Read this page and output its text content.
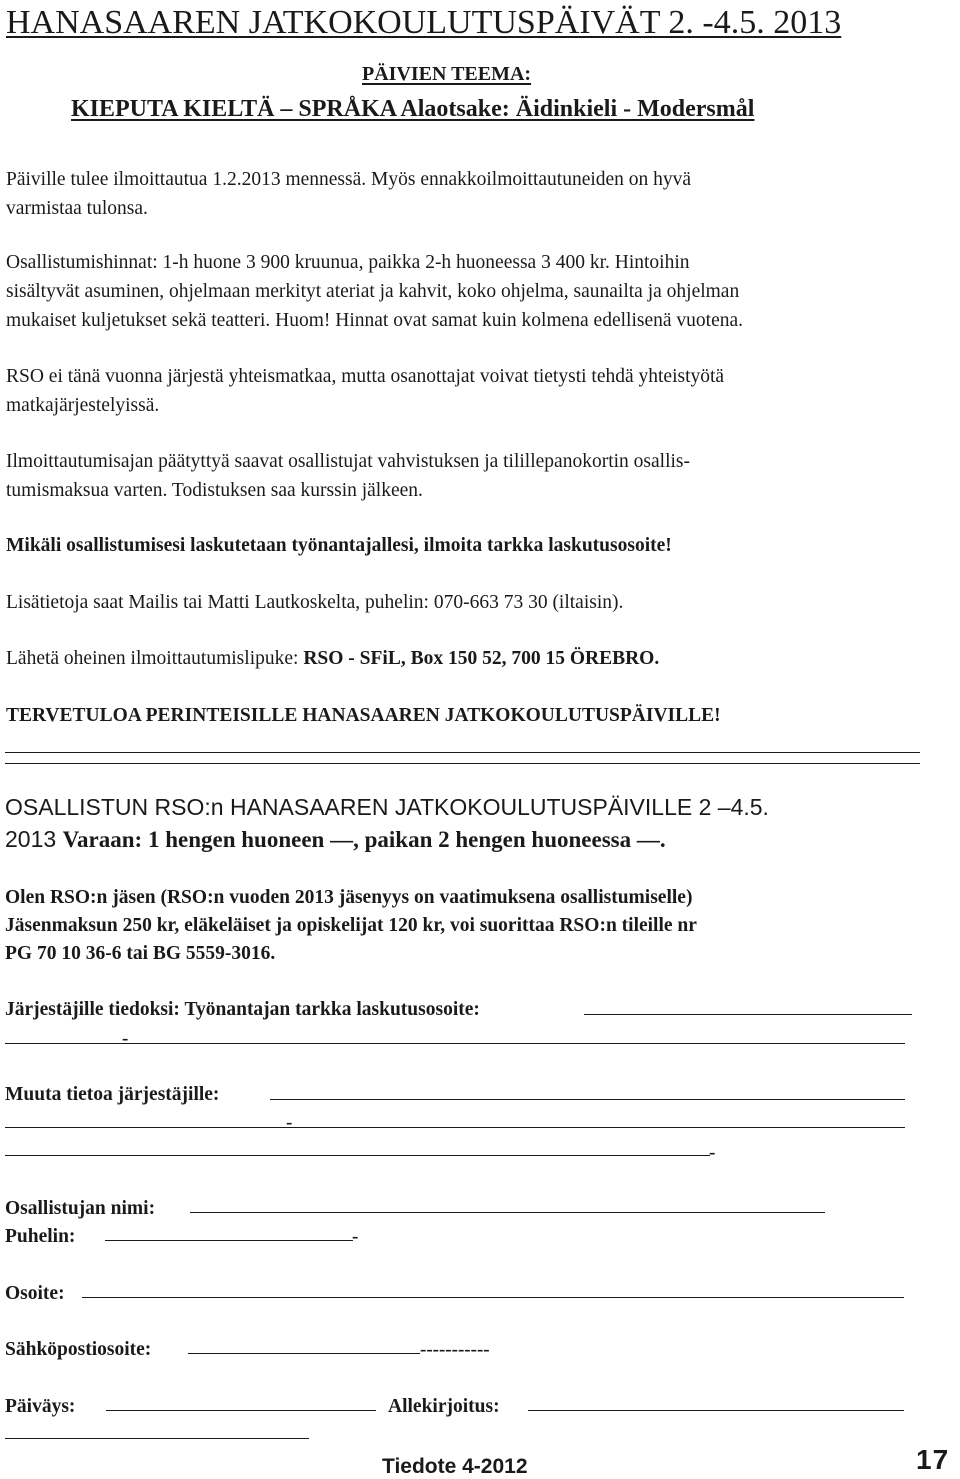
HANASAAREN JATKOKOULUTUSPÄIVÄT 2. -4.5. 2013
PÄIVIEN TEEMA:
KIEPUTA KIELTÄ – SPRÅKA Alaotsake: Äidinkieli - Modersmål
Päiville tulee ilmoittautua 1.2.2013 mennessä. Myös ennakkoilmoittautuneiden on hyvä
varmistaa tulonsa.
Osallistumishinnat: 1-h huone 3 900 kruunua, paikka 2-h huoneessa 3 400 kr. Hintoihin
sisältyvät asuminen, ohjelmaan merkityt ateriat ja kahvit, koko ohjelma, saunailta ja ohjelman
mukaiset kuljetukset sekä teatteri. Huom! Hinnat ovat samat kuin kolmena edellisenä vuotena.
RSO ei tänä vuonna järjestä yhteismatkaa, mutta osanottajat voivat tietysti tehdä yhteistyötä
matkajärjestelyissä.
Ilmoittautumisajan päätyttyä saavat osallistujat vahvistuksen ja tilillepanokortin osallis-
tumismaksua varten. Todistuksen saa kurssin jälkeen.
Mikäli osallistumisesi laskutetaan työnantajallesi, ilmoita tarkka laskutusosoite!
Lisätietoja saat Mailis tai Matti Lautkoskelta, puhelin: 070-663 73 30 (iltaisin).
Lähetä oheinen ilmoittautumislipuke: RSO - SFiL, Box 150 52, 700 15 ÖREBRO.
TERVETULOA PERINTEISILLE HANASAAREN JATKOKOULUTUSPÄIVILLE!
OSALLISTUN RSO:n HANASAAREN JATKOKOULUTUSPÄIVILLE 2 –4.5.
2013 Varaan: 1 hengen huoneen —, paikan 2 hengen huoneessa —.
Olen RSO:n jäsen (RSO:n vuoden 2013 jäsenyys on vaatimuksena osallistumiselle)
Jäsenmaksun 250 kr, eläkeläiset ja opiskelijat 120 kr, voi suorittaa RSO:n tileille nr
PG 70 10 36-6 tai BG 5559-3016.
Järjestäjille tiedoksi: Työnantajan tarkka laskutusosoite:
-
Muuta tietoa järjestäjille:
-
-
Osallistujan nimi:
Puhelin:	-
Osoite:
Sähköpostiosoite:	-----------
Päiväys:	Allekirjoitus:
Tiedote 4-2012	17
